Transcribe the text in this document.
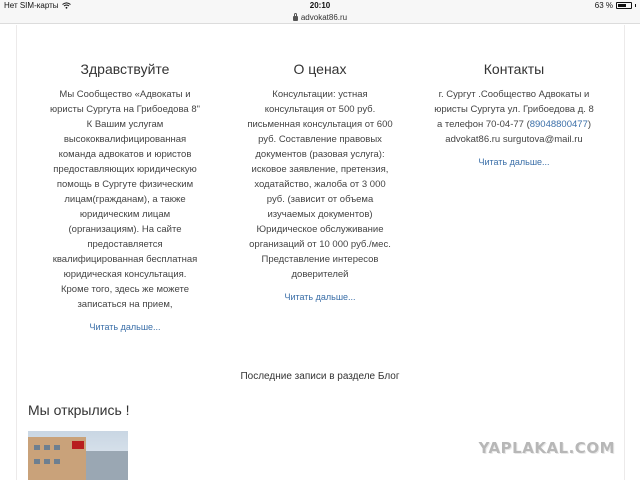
Нет SIM-карты	20:10	63 %
advokat86.ru
Здравствуйте

Мы Сообщество «Адвокаты и юристы Сургута на Грибоедова 8" К Вашим услугам высококвалифицированная команда адвокатов и юристов предоставляющих юридическую помощь в Сургуте физическим лицам(гражданам), а также юридическим лицам (организациям). На сайте предоставляется квалифицированная бесплатная юридическая консультация. Кроме того, здесь же можете записаться на прием,

Читать дальше...
О ценах

Консультации: устная консультация от 500 руб. письменная консультация от 600 руб. Составление правовых документов (разовая услуга): исковое заявление, претензия, ходатайство, жалоба от 3 000 руб. (зависит от объема изучаемых документов) Юридическое обслуживание организаций от 10 000 руб./мес. Представление интересов доверителей

Читать дальше...
Контакты

г. Сургут .Сообщество Адвокаты и юристы Сургута ул. Грибоедова д. 8 а телефон 70-04-77 (89048800477) advokat86.ru surgutova@mail.ru

Читать дальше...
Последние записи в разделе Блог
Мы открылись !
YAPLAKAL.COM
